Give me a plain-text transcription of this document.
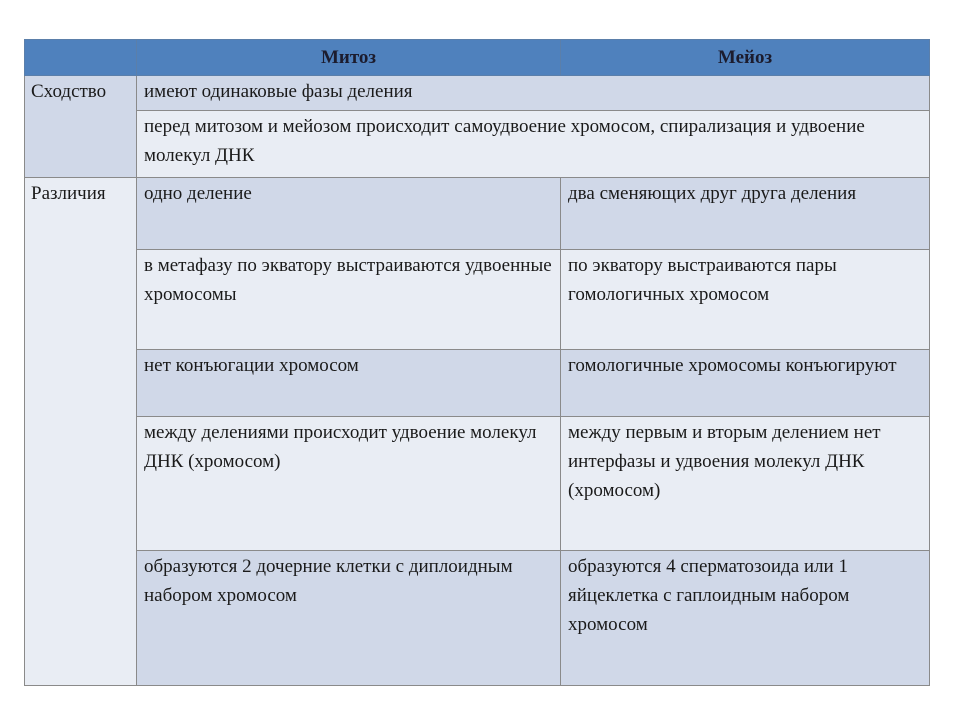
	Митоз	Мейоз
Сходство	имеют одинаковые фазы деления	
	перед митозом и мейозом происходит самоудвоение хромосом, спирализация и удвоение молекул ДНК	
Различия	одно деление	два сменяющих друг друга деления
	в метафазу по экватору выстраиваются удвоенные хромосомы	по экватору выстраиваются пары гомологичных хромосом
	нет конъюгации хромосом	гомологичные хромосомы конъюгируют
	между делениями происходит удвоение молекул ДНК (хромосом)	между первым и вторым делением нет интерфазы и удвоения молекул ДНК (хромосом)
	образуются 2 дочерние клетки с диплоидным набором хромосом	образуются 4 сперматозоида или 1 яйцеклетка с гаплоидным набором хромосом
